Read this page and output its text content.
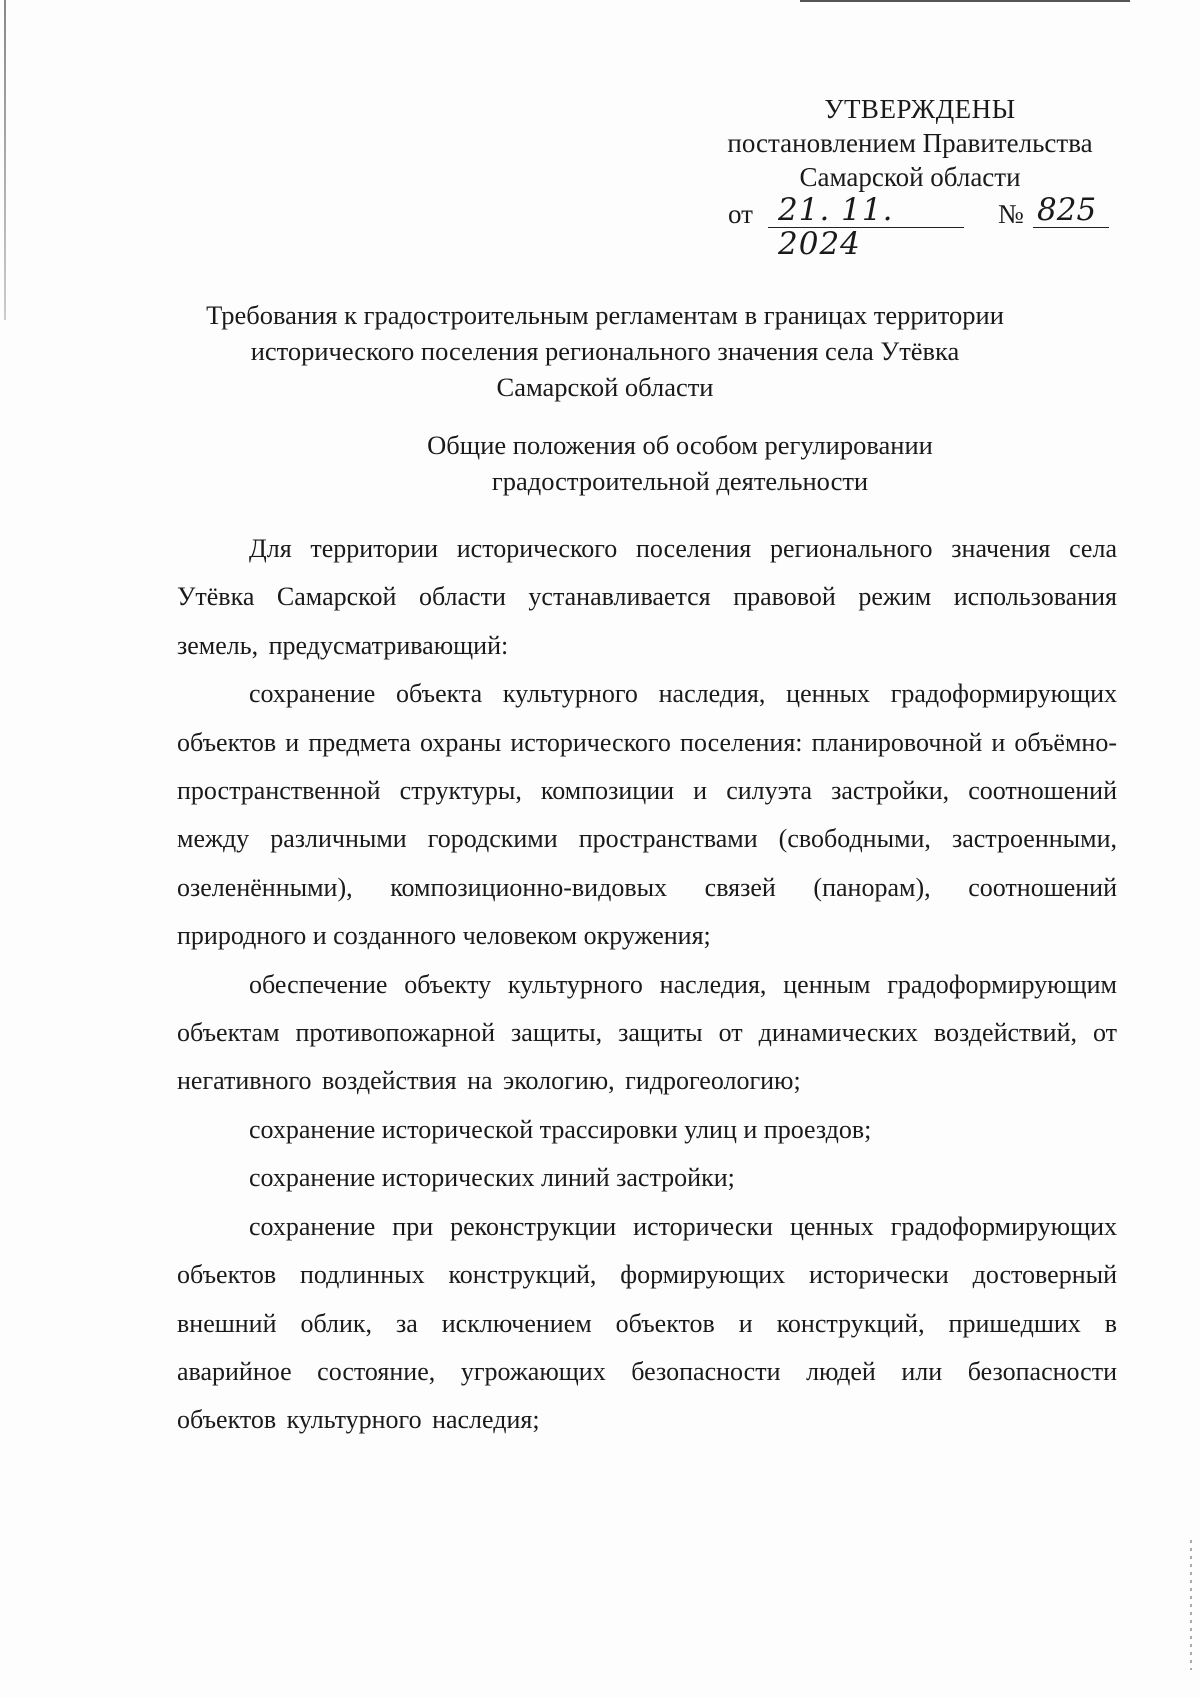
УТВЕРЖДЕНЫ
постановлением Правительства
Самарской области
от 21. 11. 2024
№ 825
Требования к градостроительным регламентам в границах территории
исторического поселения регионального значения села Утёвка
Самарской области
Общие положения об особом регулировании
градостроительной деятельности

Для территории исторического поселения регионального значения села Утёвка Самарской области устанавливается правовой режим использования земель, предусматривающий:

сохранение объекта культурного наследия, ценных градоформирующих объектов и предмета охраны исторического поселения: планировочной и объёмно-пространственной структуры, композиции и силуэта застройки, соотношений между различными городскими пространствами (свободными, застроенными, озеленёнными), композиционно-видовых связей (панорам), соотношений природного и созданного человеком окружения;

обеспечение объекту культурного наследия, ценным градоформирующим объектам противопожарной защиты, защиты от динамических воздействий, от негативного воздействия на экологию, гидрогеологию;

сохранение исторической трассировки улиц и проездов;

сохранение исторических линий застройки;

сохранение при реконструкции исторически ценных градоформирующих объектов подлинных конструкций, формирующих исторически достоверный внешний облик, за исключением объектов и конструкций, пришедших в аварийное состояние, угрожающих безопасности людей или безопасности объектов культурного наследия;
